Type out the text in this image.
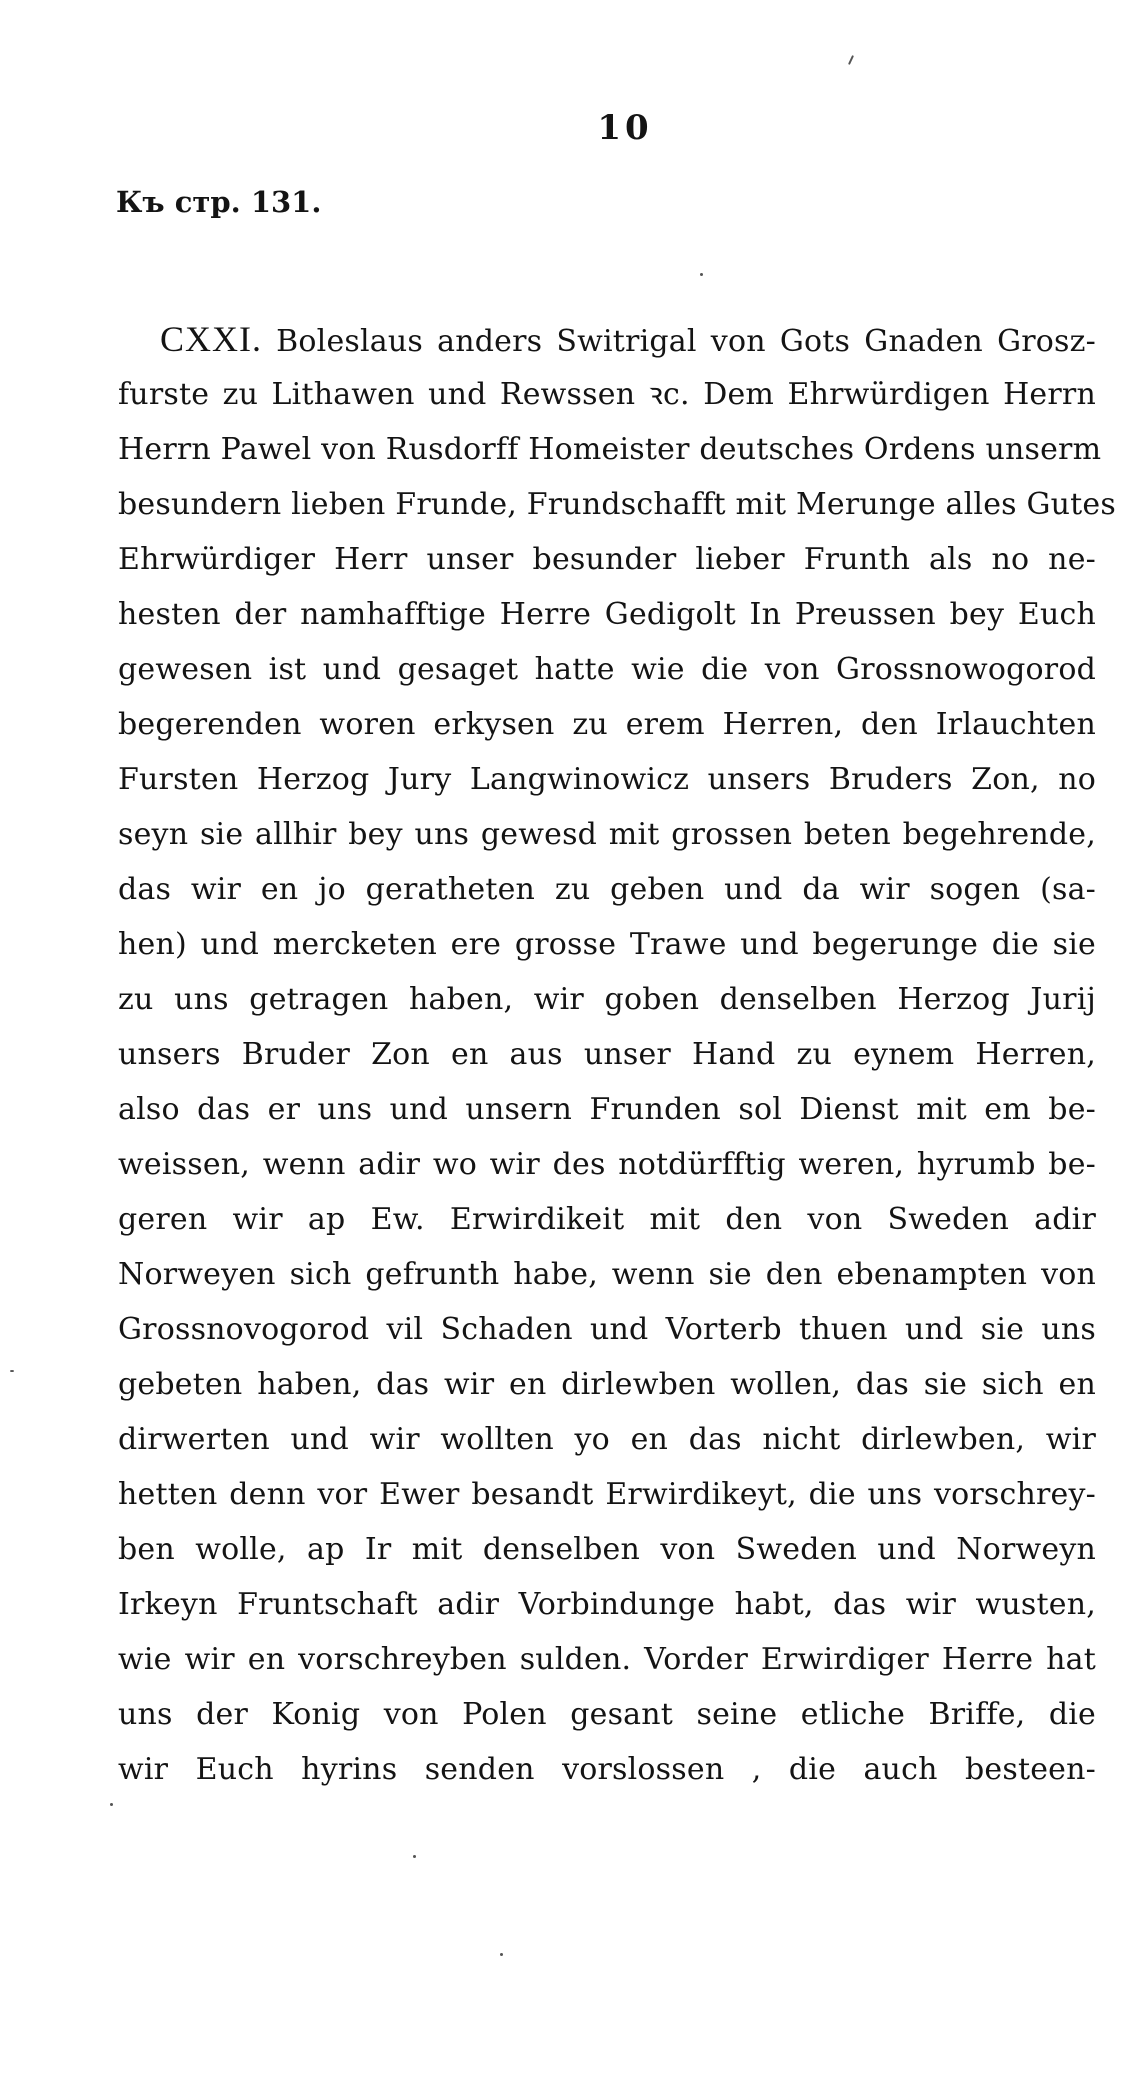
10
Къ стр. 131.
CXXI. Boleslaus anders Switrigal von Gots Gnaden Grosz-
furste zu Lithawen und Rewssen ꝛc. Dem Ehrwürdigen Herrn
Herrn Pawel von Rusdorff Homeister deutsches Ordens unserm
besundern lieben Frunde, Frundschafft mit Merunge alles Gutes
Ehrwürdiger Herr unser besunder lieber Frunth als no ne-
hesten der namhafftige Herre Gedigolt In Preussen bey Euch
gewesen ist und gesaget hatte wie die von Grossnowogorod
begerenden woren erkysen zu erem Herren, den Irlauchten
Fursten Herzog Jury Langwinowicz unsers Bruders Zon, no
seyn sie allhir bey uns gewesd mit grossen beten begehrende,
das wir en jo geratheten zu geben und da wir sogen (sa-
hen) und mercketen ere grosse Trawe und begerunge die sie
zu uns getragen haben, wir goben denselben Herzog Jurij
unsers Bruder Zon en aus unser Hand zu eynem Herren,
also das er uns und unsern Frunden sol Dienst mit em be-
weissen, wenn adir wo wir des notdürfftig weren, hyrumb be-
geren wir ap Ew. Erwirdikeit mit den von Sweden adir
Norweyen sich gefrunth habe, wenn sie den ebenampten von
Grossnovogorod vil Schaden und Vorterb thuen und sie uns
gebeten haben, das wir en dirlewben wollen, das sie sich en
dirwerten und wir wollten yo en das nicht dirlewben, wir
hetten denn vor Ewer besandt Erwirdikeyt, die uns vorschrey-
ben wolle, ap Ir mit denselben von Sweden und Norweyn
Irkeyn Fruntschaft adir Vorbindunge habt, das wir wusten,
wie wir en vorschreyben sulden. Vorder Erwirdiger Herre hat
uns der Konig von Polen gesant seine etliche Briffe, die
wir Euch hyrins senden vorslossen , die auch besteen-
